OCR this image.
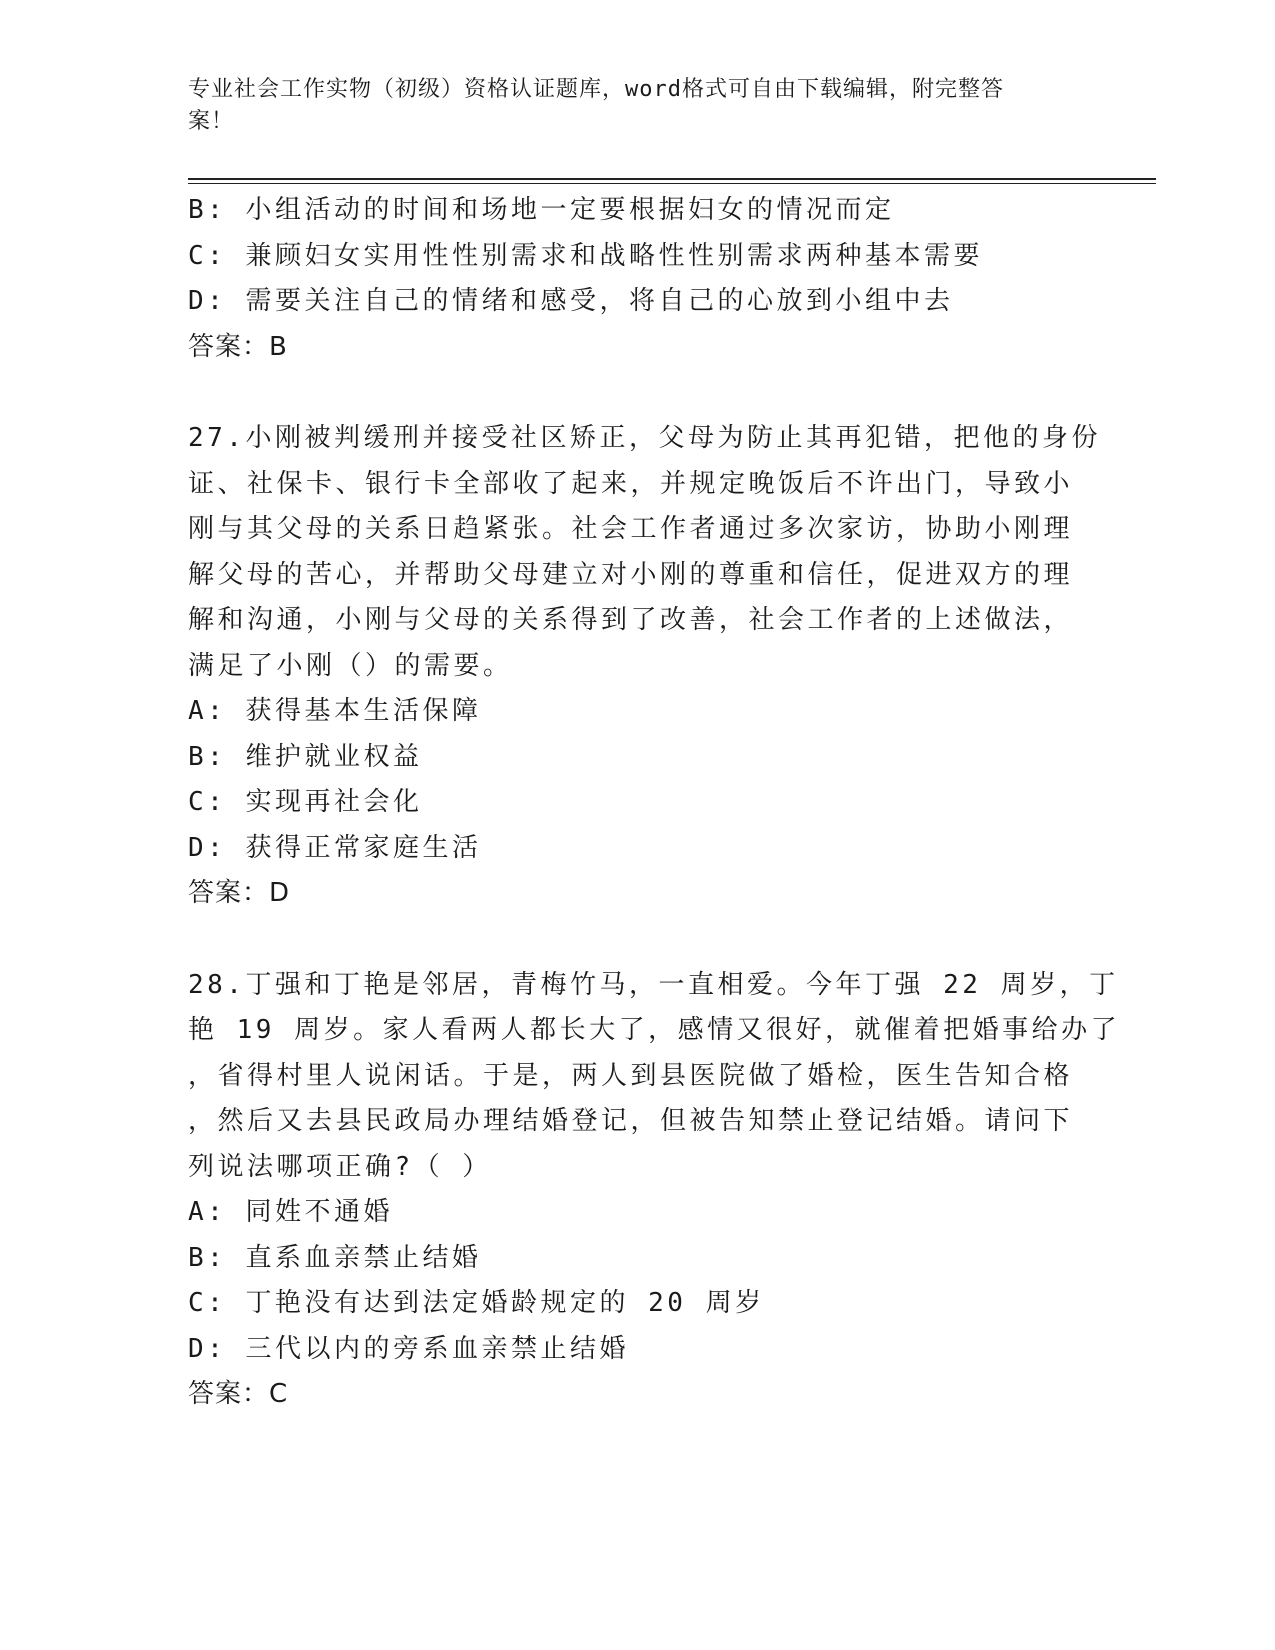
专业社会工作实物（初级）资格认证题库，word格式可自由下载编辑，附完整答
案！
B: 小组活动的时间和场地一定要根据妇女的情况而定
C: 兼顾妇女实用性性别需求和战略性性别需求两种基本需要
D: 需要关注自己的情绪和感受，将自己的心放到小组中去
答案：B
27.小刚被判缓刑并接受社区矫正，父母为防止其再犯错，把他的身份
证、社保卡、银行卡全部收了起来，并规定晚饭后不许出门，导致小
刚与其父母的关系日趋紧张。社会工作者通过多次家访，协助小刚理
解父母的苦心，并帮助父母建立对小刚的尊重和信任，促进双方的理
解和沟通，小刚与父母的关系得到了改善，社会工作者的上述做法，
满足了小刚（）的需要。
A: 获得基本生活保障
B: 维护就业权益
C: 实现再社会化
D: 获得正常家庭生活
答案：D
28.丁强和丁艳是邻居，青梅竹马，一直相爱。今年丁强 22 周岁，丁
艳 19 周岁。家人看两人都长大了，感情又很好，就催着把婚事给办了
，省得村里人说闲话。于是，两人到县医院做了婚检，医生告知合格
，然后又去县民政局办理结婚登记，但被告知禁止登记结婚。请问下
列说法哪项正确?（ ）
A: 同姓不通婚
B: 直系血亲禁止结婚
C: 丁艳没有达到法定婚龄规定的 20 周岁
D: 三代以内的旁系血亲禁止结婚
答案：C
